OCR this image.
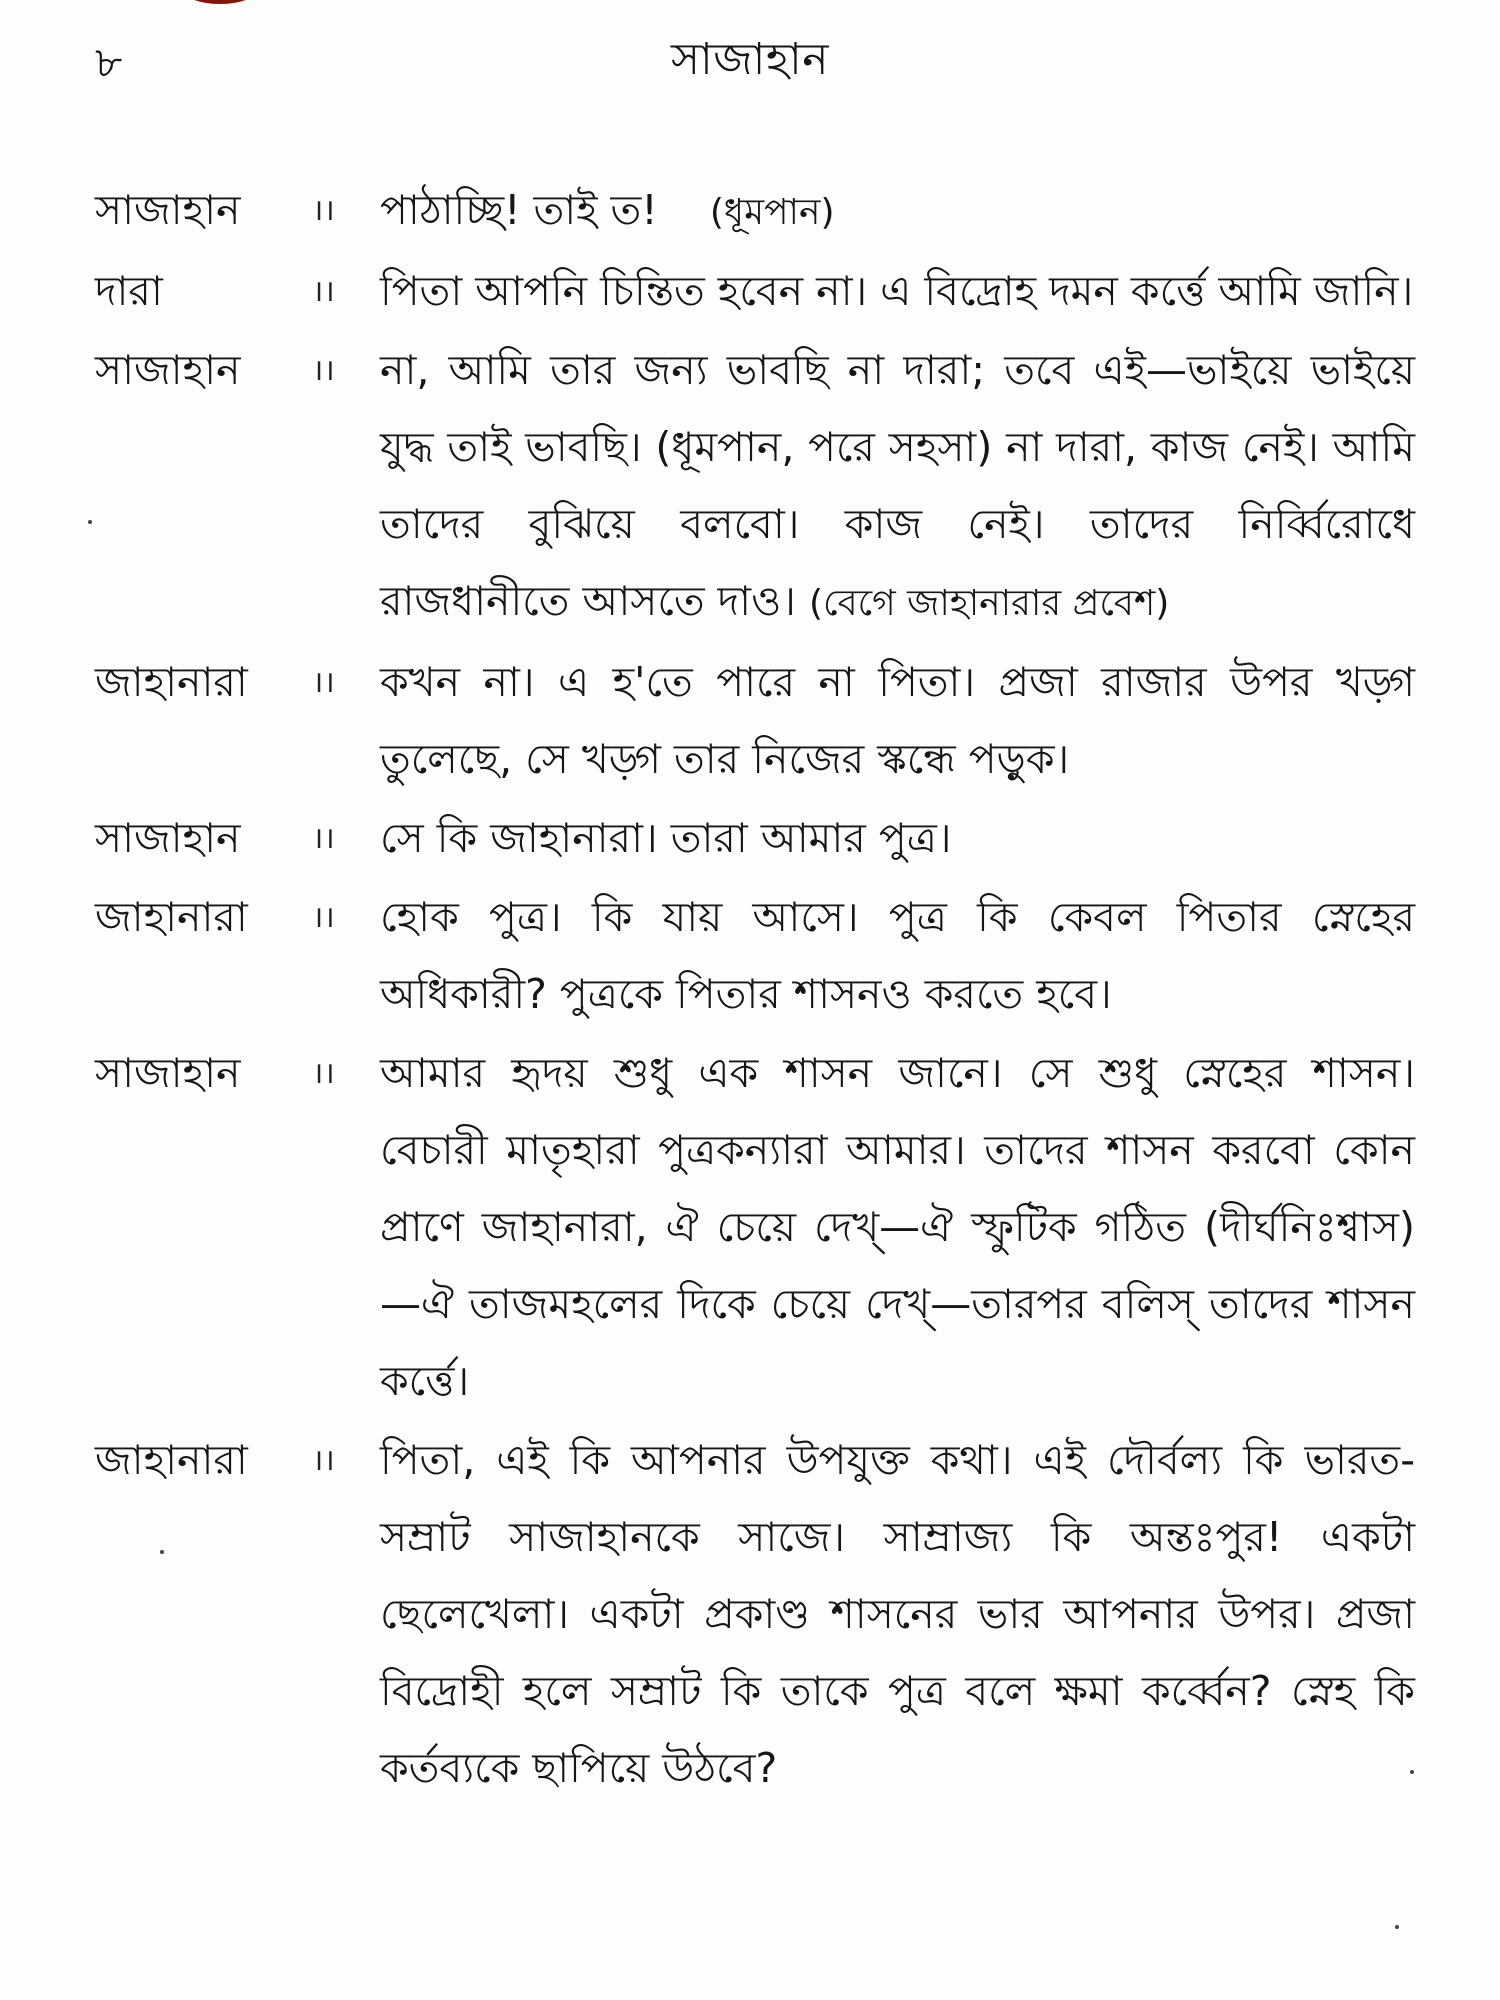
৮	সাজাহান
সাজাহান	।।	পাঠাচ্ছি! তাই ত! (ধূমপান)
দারা	।।	পিতা আপনি চিন্তিত হবেন না। এ বিদ্রোহ দমন কর্ত্তে আমি জানি।
সাজাহান	।।	না, আমি তার জন্য ভাবছি না দারা; তবে এই—ভাইয়ে ভাইয়ে যুদ্ধ তাই ভাবছি। (ধূমপান, পরে সহসা) না দারা, কাজ নেই। আমি তাদের বুঝিয়ে বলবো। কাজ নেই। তাদের নির্ব্বিরোধে রাজধানীতে আসতে দাও। (বেগে জাহানারার প্রবেশ)
জাহানারা	।।	কখন না। এ হ'তে পারে না পিতা। প্রজা রাজার উপর খড়্গ তুলেছে, সে খড়্গ তার নিজের স্কন্ধে পড়ুক।
সাজাহান	।।	সে কি জাহানারা। তারা আমার পুত্র।
জাহানারা	।।	হোক পুত্র। কি যায় আসে। পুত্র কি কেবল পিতার স্নেহের অধিকারী? পুত্রকে পিতার শাসনও করতে হবে।
সাজাহান	।।	আমার হৃদয় শুধু এক শাসন জানে। সে শুধু স্নেহের শাসন। বেচারী মাতৃহারা পুত্রকন্যারা আমার। তাদের শাসন করবো কোন প্রাণে জাহানারা, ঐ চেয়ে দেখ্—ঐ স্ফুটিক গঠিত (দীর্ঘনিঃশ্বাস)—ঐ তাজমহলের দিকে চেয়ে দেখ্—তারপর বলিস্ তাদের শাসন কর্ত্তে।
জাহানারা	।।	পিতা, এই কি আপনার উপযুক্ত কথা। এই দৌর্বল্য কি ভারত-সম্রাট সাজাহানকে সাজে। সাম্রাজ্য কি অন্তঃপুর! একটা ছেলেখেলা। একটা প্রকাণ্ড শাসনের ভার আপনার উপর। প্রজা বিদ্রোহী হলে সম্রাট কি তাকে পুত্র বলে ক্ষমা কর্ব্বেন? স্নেহ কি কর্তব্যকে ছাপিয়ে উঠবে?
